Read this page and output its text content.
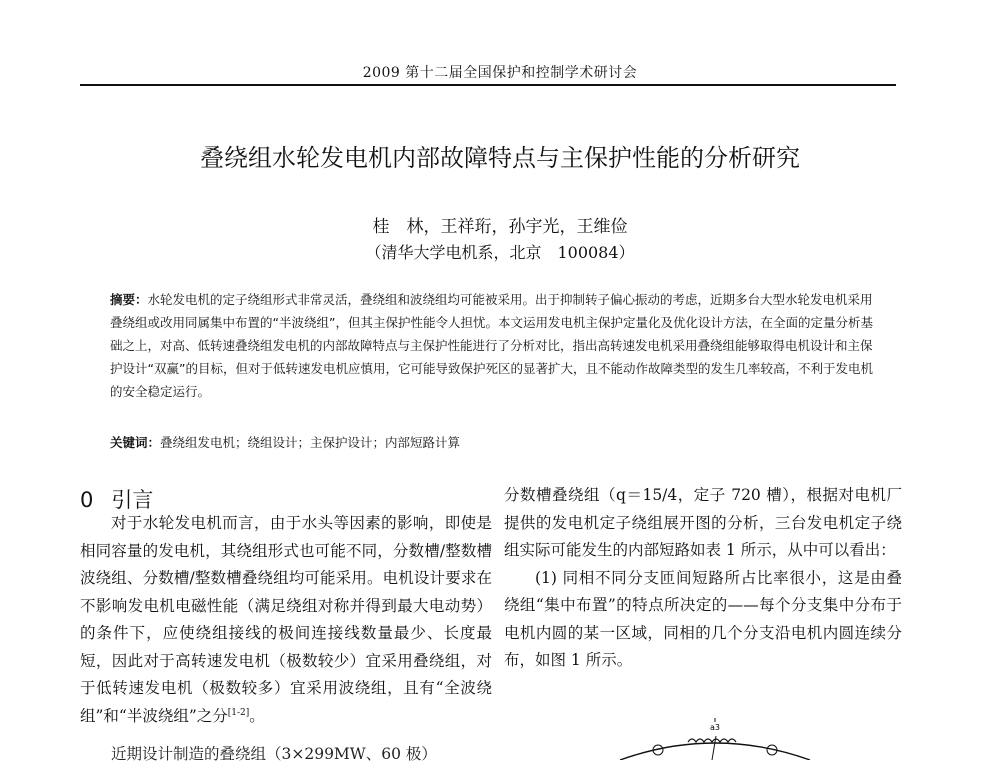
2009 第十二届全国保护和控制学术研讨会
叠绕组水轮发电机内部故障特点与主保护性能的分析研究
桂　林，王祥珩，孙宇光，王维俭
（清华大学电机系，北京　100084）

摘要：水轮发电机的定子绕组形式非常灵活，叠绕组和波绕组均可能被采用。出于抑制转子偏心振动的考虑，近期多台大型水轮发电机采用叠绕组或改用同属集中布置的“半波绕组”，但其主保护性能令人担忧。本文运用发电机主保护定量化及优化设计方法，在全面的定量分析基础之上，对高、低转速叠绕组发电机的内部故障特点与主保护性能进行了分析对比，指出高转速发电机采用叠绕组能够取得电机设计和主保护设计“双赢”的目标，但对于低转速发电机应慎用，它可能导致保护死区的显著扩大，且不能动作故障类型的发生几率较高，不利于发电机的安全稳定运行。

关键词：叠绕组发电机；绕组设计；主保护设计；内部短路计算
0 引言

对于水轮发电机而言，由于水头等因素的影响，即使是相同容量的发电机，其绕组形式也可能不同，分数槽/整数槽波绕组、分数槽/整数槽叠绕组均可能采用。电机设计要求在不影响发电机电磁性能（满足绕组对称并得到最大电动势）的条件下，应使绕组接线的极间连接线数量最少、长度最短，因此对于高转速发电机（极数较少）宜采用叠绕组，对于低转速发电机（极数较多）宜采用波绕组，且有“全波绕组”和“半波绕组”之分[1-2]。

近期设计制造的叠绕组（3×299MW、60 极）

分数槽叠绕组（q＝15/4，定子 720 槽），根据对电机厂提供的发电机定子绕组展开图的分析，三台发电机定子绕组实际可能发生的内部短路如表 1 所示，从中可以看出：

(1) 同相不同分支匝间短路所占比率很小，这是由叠绕组“集中布置”的特点所决定的——每个分支集中分布于电机内圆的某一区域，同相的几个分支沿电机内圆连续分布，如图 1 所示。

a3
